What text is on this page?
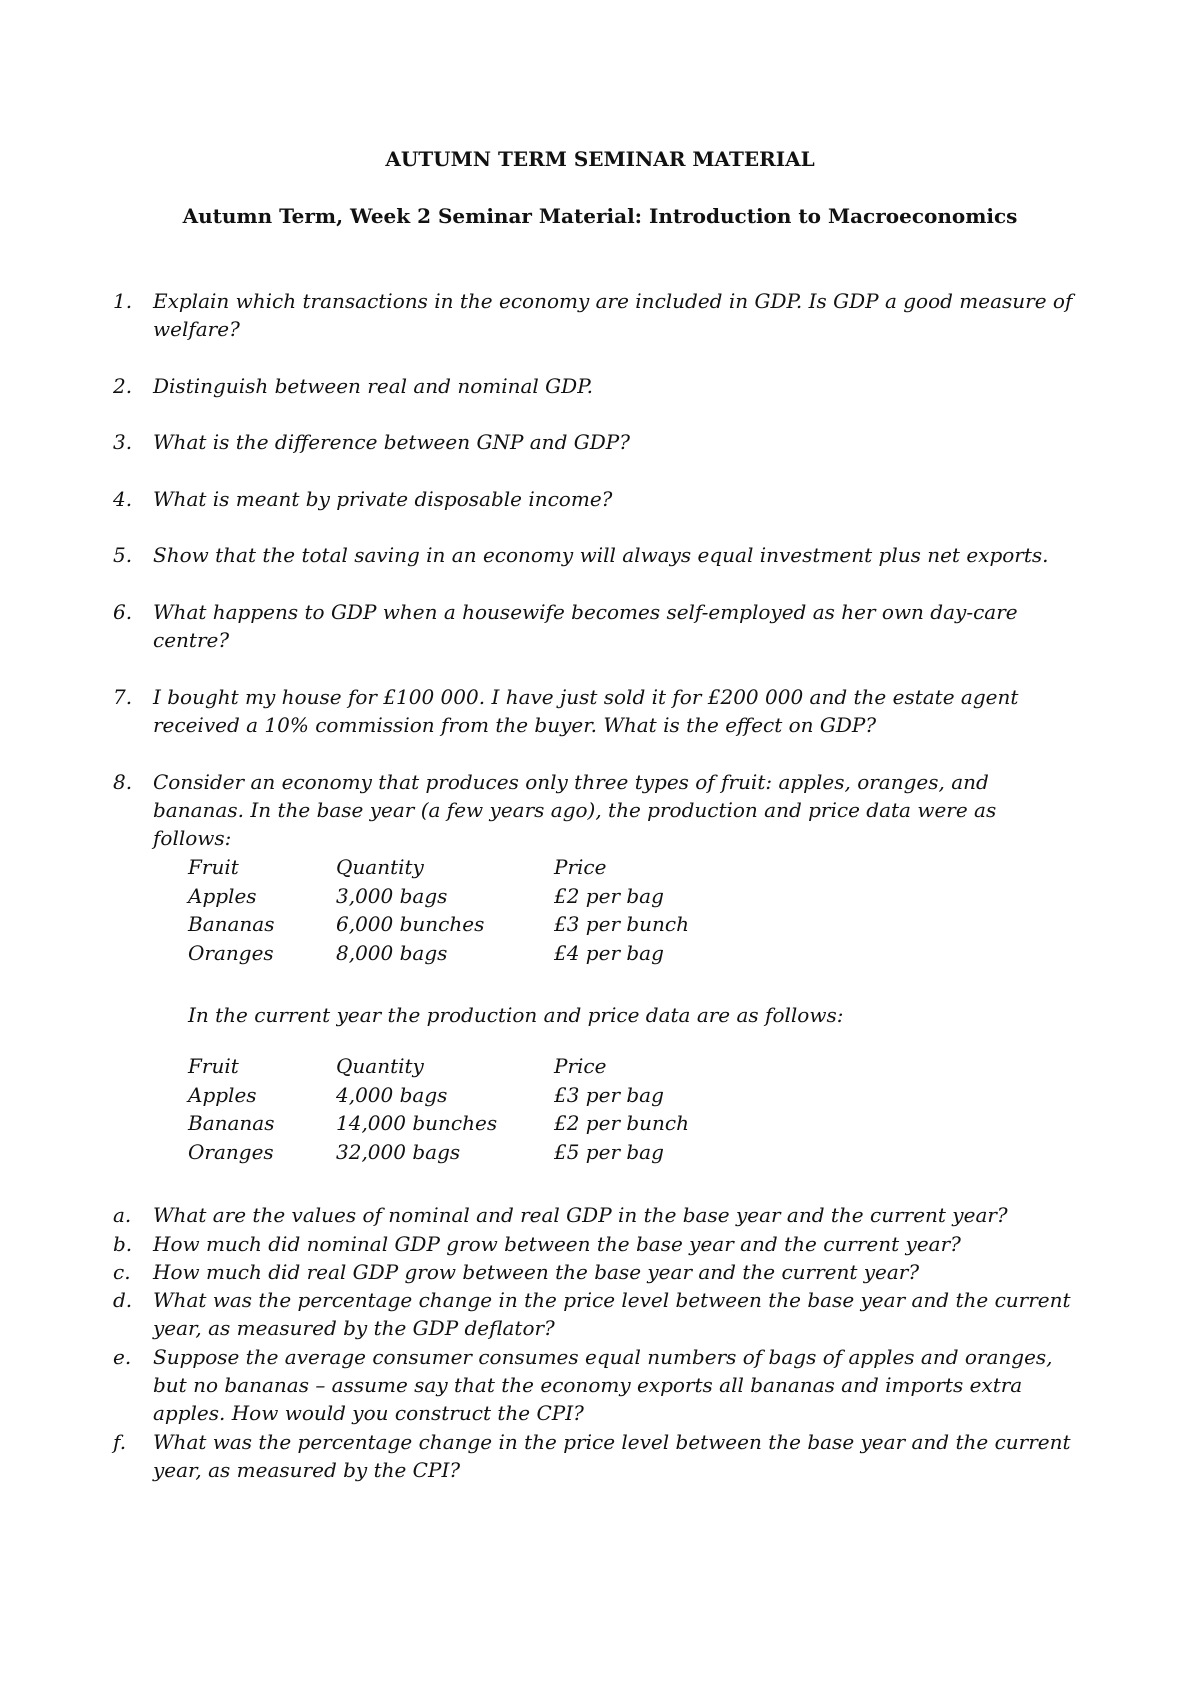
AUTUMN TERM SEMINAR MATERIAL

Autumn Term, Week 2 Seminar Material: Introduction to Macroeconomics

1.	Explain which transactions in the economy are included in GDP. Is GDP a good measure of welfare?
2.	Distinguish between real and nominal GDP.
3.	What is the difference between GNP and GDP?
4.	What is meant by private disposable income?
5.	Show that the total saving in an economy will always equal investment plus net exports.
6.	What happens to GDP when a housewife becomes self-employed as her own day-care centre?
7.	I bought my house for £100 000. I have just sold it for £200 000 and the estate agent received a 10% commission from the buyer. What is the effect on GDP?
8.	Consider an economy that produces only three types of fruit: apples, oranges, and bananas. In the base year (a few years ago), the production and price data were as follows:
Fruit	Quantity	Price
Apples	3,000 bags	£2 per bag
Bananas	6,000 bunches	£3 per bunch
Oranges	8,000 bags	£4 per bag
In the current year the production and price data are as follows:
Fruit	Quantity	Price
Apples	4,000 bags	£3 per bag
Bananas	14,000 bunches	£2 per bunch
Oranges	32,000 bags	£5 per bag
a.	What are the values of nominal and real GDP in the base year and the current year?
b.	How much did nominal GDP grow between the base year and the current year?
c.	How much did real GDP grow between the base year and the current year?
d.	What was the percentage change in the price level between the base year and the current year, as measured by the GDP deflator?
e.	Suppose the average consumer consumes equal numbers of bags of apples and oranges, but no bananas – assume say that the economy exports all bananas and imports extra apples. How would you construct the CPI?
f.	What was the percentage change in the price level between the base year and the current year, as measured by the CPI?
